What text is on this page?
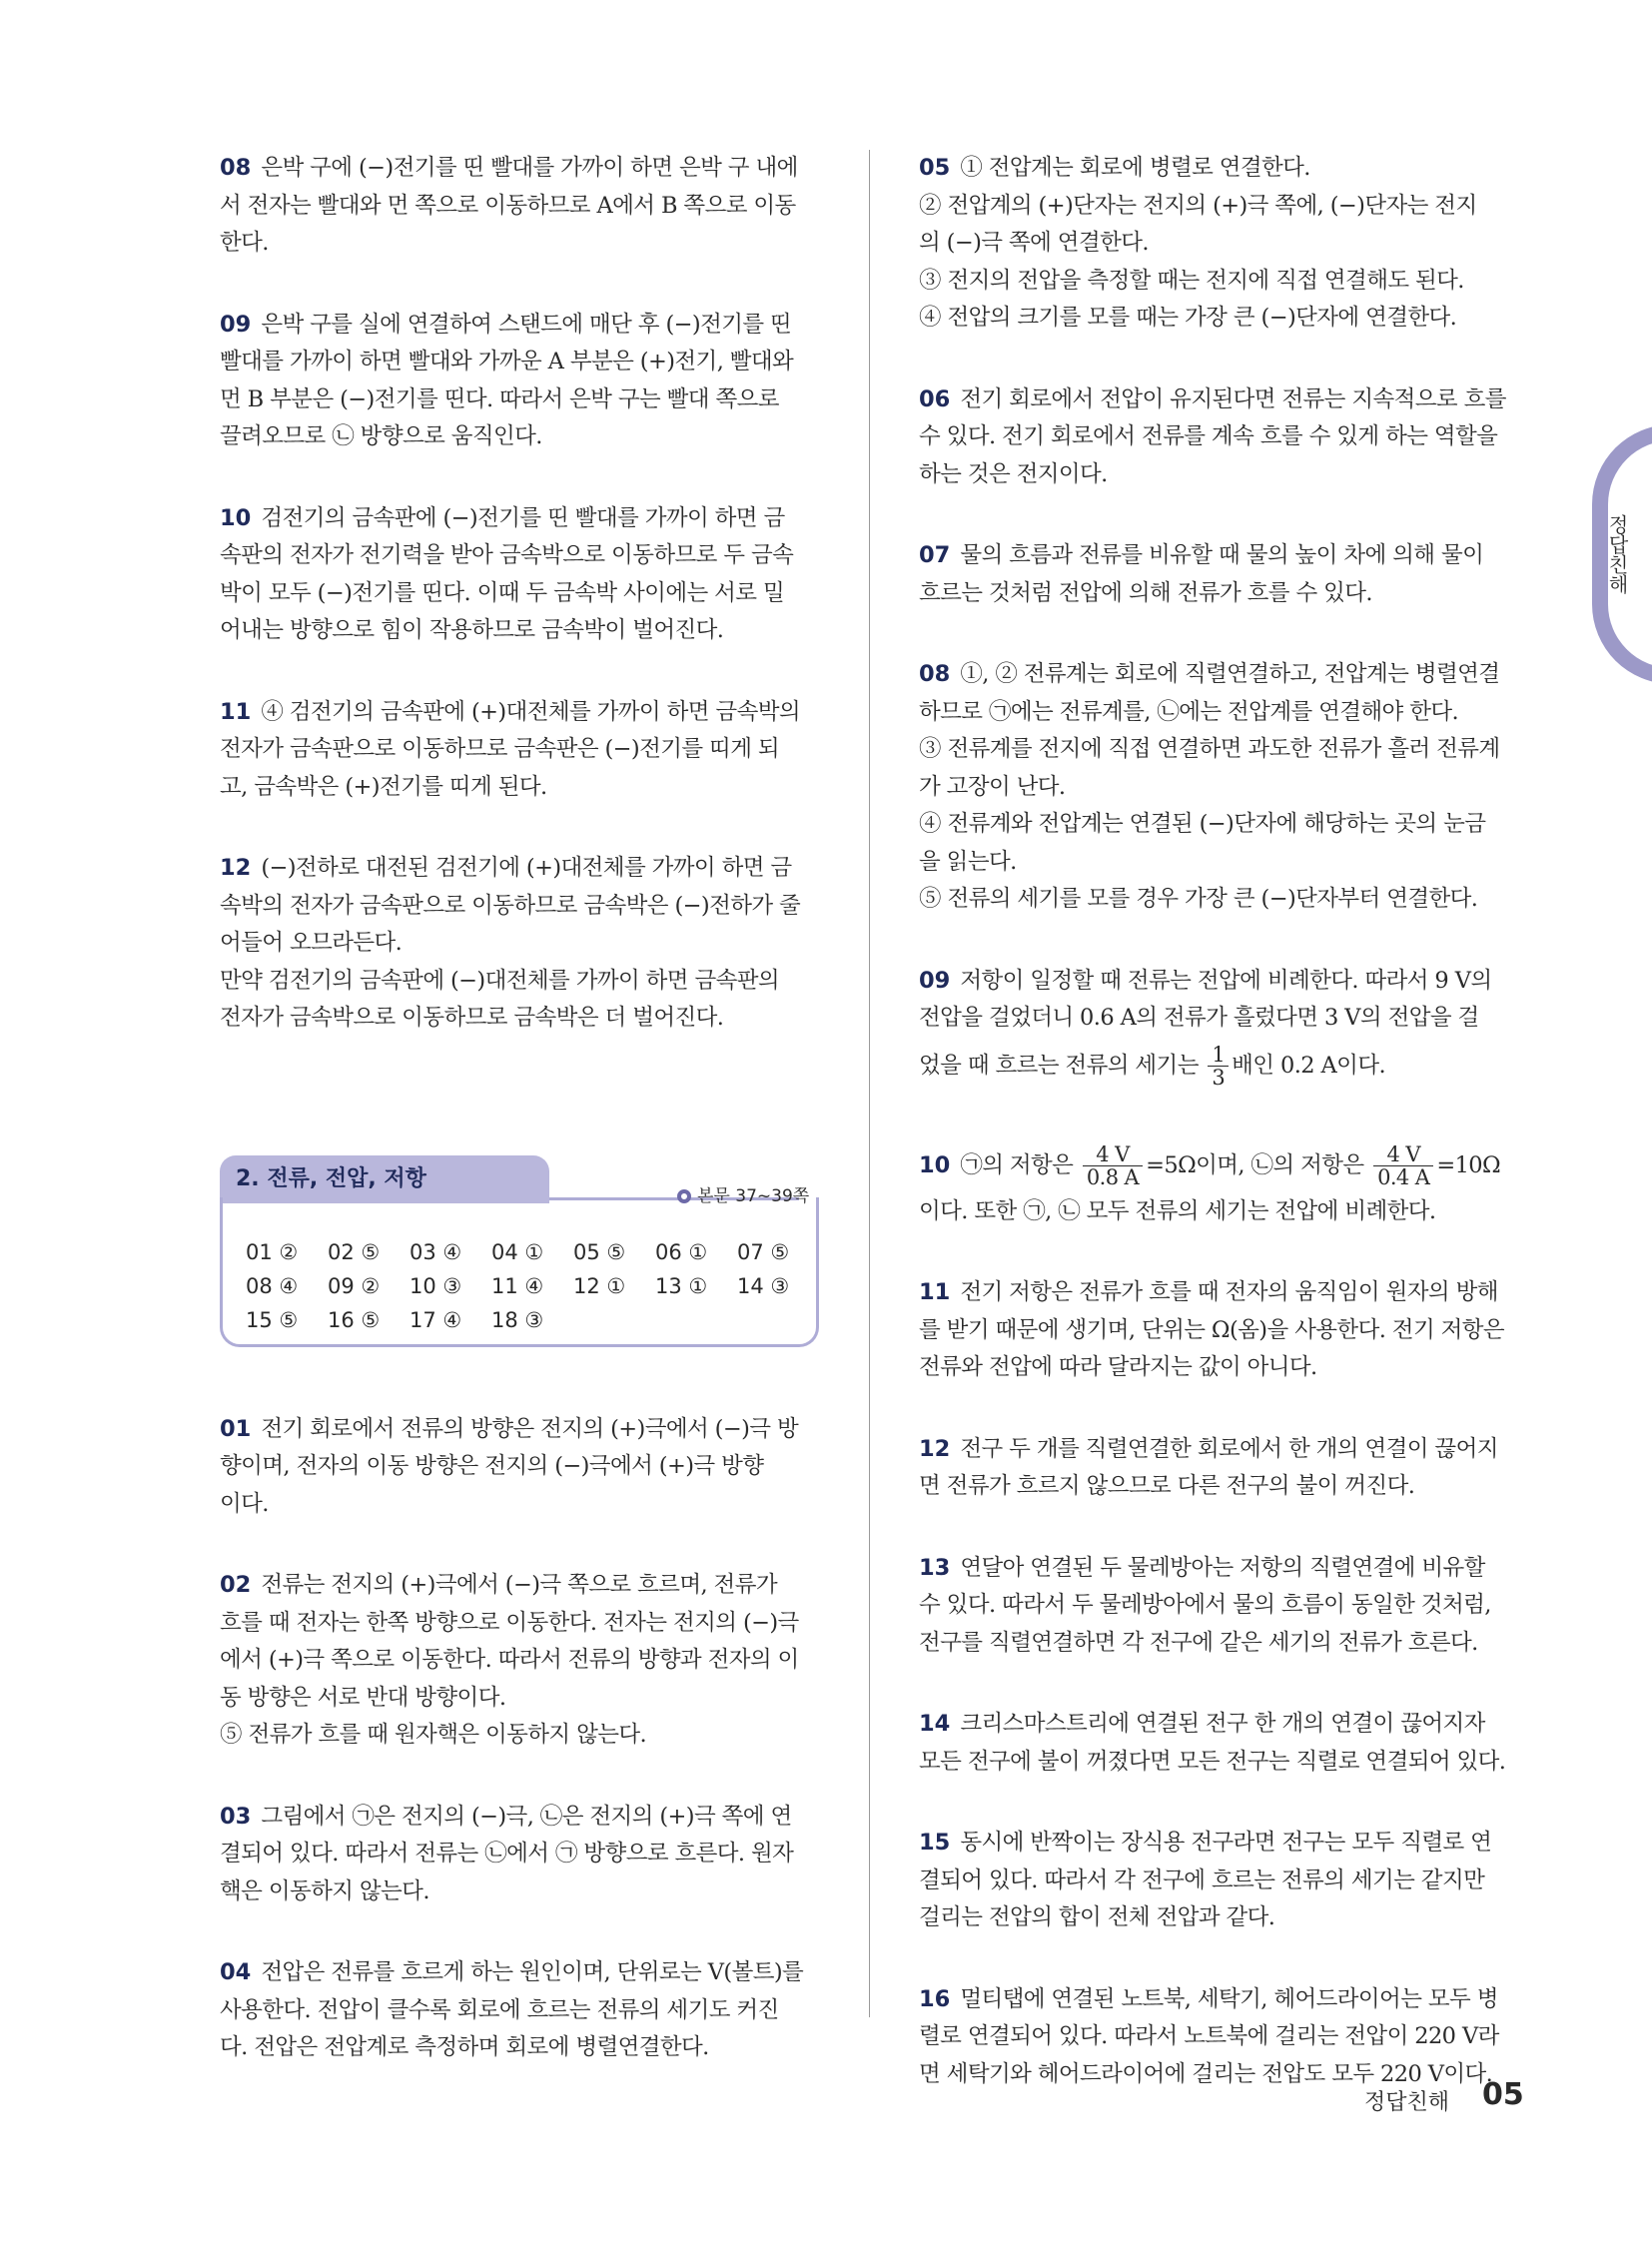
08 은박 구에 (−)전기를 띤 빨대를 가까이 하면 은박 구 내에
서 전자는 빨대와 먼 쪽으로 이동하므로 A에서 B 쪽으로 이동
한다.
09 은박 구를 실에 연결하여 스탠드에 매단 후 (−)전기를 띤
빨대를 가까이 하면 빨대와 가까운 A 부분은 (+)전기, 빨대와
먼 B 부분은 (−)전기를 띤다. 따라서 은박 구는 빨대 쪽으로
끌려오므로 ㉡ 방향으로 움직인다.
10 검전기의 금속판에 (−)전기를 띤 빨대를 가까이 하면 금
속판의 전자가 전기력을 받아 금속박으로 이동하므로 두 금속
박이 모두 (−)전기를 띤다. 이때 두 금속박 사이에는 서로 밀
어내는 방향으로 힘이 작용하므로 금속박이 벌어진다.
11 ④ 검전기의 금속판에 (+)대전체를 가까이 하면 금속박의
전자가 금속판으로 이동하므로 금속판은 (−)전기를 띠게 되
고, 금속박은 (+)전기를 띠게 된다.
12 (−)전하로 대전된 검전기에 (+)대전체를 가까이 하면 금
속박의 전자가 금속판으로 이동하므로 금속박은 (−)전하가 줄
어들어 오므라든다.
만약 검전기의 금속판에 (−)대전체를 가까이 하면 금속판의
전자가 금속박으로 이동하므로 금속박은 더 벌어진다.
2. 전류, 전압, 저항
본문 37~39쪽
01 ②	02 ⑤	03 ④	04 ①	05 ⑤	06 ①	07 ⑤
08 ④	09 ②	10 ③	11 ④	12 ①	13 ①	14 ③
15 ⑤	16 ⑤	17 ④	18 ③
01 전기 회로에서 전류의 방향은 전지의 (+)극에서 (−)극 방
향이며, 전자의 이동 방향은 전지의 (−)극에서 (+)극 방향
이다.
02 전류는 전지의 (+)극에서 (−)극 쪽으로 흐르며, 전류가
흐를 때 전자는 한쪽 방향으로 이동한다. 전자는 전지의 (−)극
에서 (+)극 쪽으로 이동한다. 따라서 전류의 방향과 전자의 이
동 방향은 서로 반대 방향이다.
⑤ 전류가 흐를 때 원자핵은 이동하지 않는다.
03 그림에서 ㉠은 전지의 (−)극, ㉡은 전지의 (+)극 쪽에 연
결되어 있다. 따라서 전류는 ㉡에서 ㉠ 방향으로 흐른다. 원자
핵은 이동하지 않는다.
04 전압은 전류를 흐르게 하는 원인이며, 단위로는 V(볼트)를
사용한다. 전압이 클수록 회로에 흐르는 전류의 세기도 커진
다. 전압은 전압계로 측정하며 회로에 병렬연결한다.
05 ① 전압계는 회로에 병렬로 연결한다.
② 전압계의 (+)단자는 전지의 (+)극 쪽에, (−)단자는 전지
의 (−)극 쪽에 연결한다.
③ 전지의 전압을 측정할 때는 전지에 직접 연결해도 된다.
④ 전압의 크기를 모를 때는 가장 큰 (−)단자에 연결한다.
06 전기 회로에서 전압이 유지된다면 전류는 지속적으로 흐를
수 있다. 전기 회로에서 전류를 계속 흐를 수 있게 하는 역할을
하는 것은 전지이다.
07 물의 흐름과 전류를 비유할 때 물의 높이 차에 의해 물이
흐르는 것처럼 전압에 의해 전류가 흐를 수 있다.
08 ①, ② 전류계는 회로에 직렬연결하고, 전압계는 병렬연결
하므로 ㉠에는 전류계를, ㉡에는 전압계를 연결해야 한다.
③ 전류계를 전지에 직접 연결하면 과도한 전류가 흘러 전류계
가 고장이 난다.
④ 전류계와 전압계는 연결된 (−)단자에 해당하는 곳의 눈금
을 읽는다.
⑤ 전류의 세기를 모를 경우 가장 큰 (−)단자부터 연결한다.
09 저항이 일정할 때 전류는 전압에 비례한다. 따라서 9 V의
전압을 걸었더니 0.6 A의 전류가 흘렀다면 3 V의 전압을 걸
었을 때 흐르는 전류의 세기는 $\frac{1}{3}$ 배인 0.2 A이다.
10 ㉠의 저항은 $\frac{4 V}{0.8 A} =5\Omega$이며, ㉡의 저항은 $\frac{4 V}{0.4 A} =10\Omega$
이다. 또한 ㉠, ㉡ 모두 전류의 세기는 전압에 비례한다.
11 전기 저항은 전류가 흐를 때 전자의 움직임이 원자의 방해
를 받기 때문에 생기며, 단위는 Ω(옴)을 사용한다. 전기 저항은
전류와 전압에 따라 달라지는 값이 아니다.
12 전구 두 개를 직렬연결한 회로에서 한 개의 연결이 끊어지
면 전류가 흐르지 않으므로 다른 전구의 불이 꺼진다.
13 연달아 연결된 두 물레방아는 저항의 직렬연결에 비유할
수 있다. 따라서 두 물레방아에서 물의 흐름이 동일한 것처럼,
전구를 직렬연결하면 각 전구에 같은 세기의 전류가 흐른다.
14 크리스마스트리에 연결된 전구 한 개의 연결이 끊어지자
모든 전구에 불이 꺼졌다면 모든 전구는 직렬로 연결되어 있다.
15 동시에 반짝이는 장식용 전구라면 전구는 모두 직렬로 연
결되어 있다. 따라서 각 전구에 흐르는 전류의 세기는 같지만
걸리는 전압의 합이 전체 전압과 같다.
16 멀티탭에 연결된 노트북, 세탁기, 헤어드라이어는 모두 병
렬로 연결되어 있다. 따라서 노트북에 걸리는 전압이 220 V라
면 세탁기와 헤어드라이어에 걸리는 전압도 모두 220 V이다.
정답친해
정답친해 05
